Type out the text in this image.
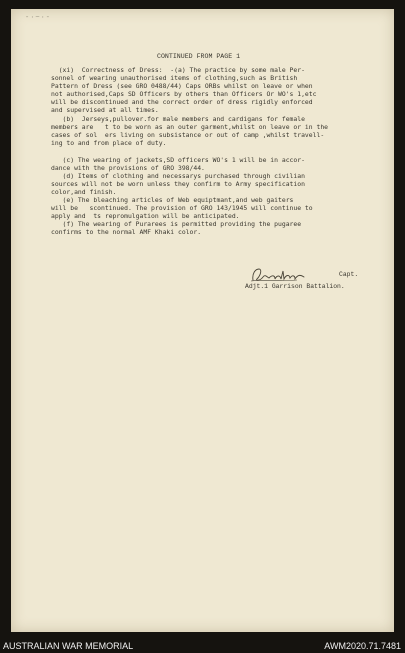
-·~·-
CONTINUED FROM PAGE 1
(xi)  Correctness of Dress:  -(a) The practice by some male Per-
sonnel of wearing unauthorised items of clothing,such as British
Pattern of Dress (see GRO 0488/44) Caps ORBs whilst on leave or when
not authorised,Caps SD Officers by others than Officers Or WO's 1,etc
will be discontinued and the correct order of dress rigidly enforced
and supervised at all times.
(b)  Jerseys,pullover.for male members and cardigans for female
members are   t to be worn as an outer garment,whilst on leave or in the
cases of sol  ers living on subsistance or out of camp ,whilst travell-
ing to and from place of duty.
(c) The wearing of jackets,SD officers WO's 1 will be in accor-
dance with the provisions of GRO 398/44.
(d) Items of clothing and necessarys purchased through civilian
sources will not be worn unless they confirm to Army specification
color,and finish.
(e) The bleaching articles of Web equiptmant,and web gaiters
will be   scontinued. The provision of GRO 143/1945 will continue to
apply and  ts repromulgation will be anticipated.
(f) The wearing of Purarees is permitted providing the pugaree
confirms to the normal AMF Khaki color.
Capt.
Adjt.1 Garrison Battalion.
AUSTRALIAN WAR MEMORIAL	AWM2020.71.7481
